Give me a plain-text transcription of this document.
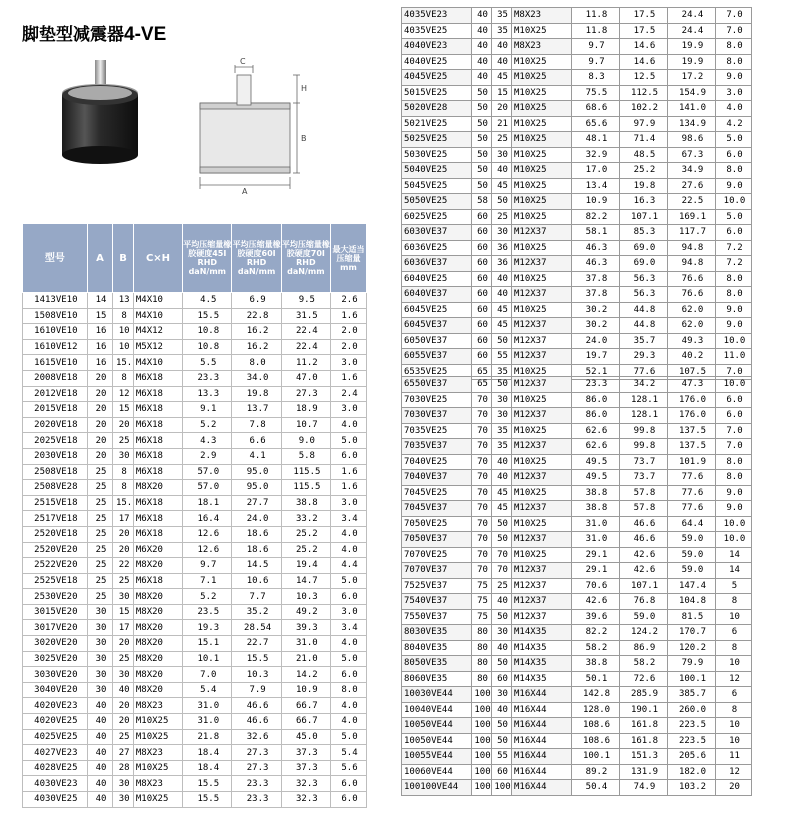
脚垫型减震器4-VE
C
H
B
A
型号	A	B	C×H	平均压缩量橡胶硬度45I RHD daN/mm	平均压缩量橡胶硬度60I RHD daN/mm	平均压缩量橡胶硬度70I RHD daN/mm	最大适当压缩量mm
1413VE10	14	13	M4X10	4.5	6.9	9.5	2.6
1508VE10	15	8	M4X10	15.5	22.8	31.5	1.6
1610VE10	16	10	M4X12	10.8	16.2	22.4	2.0
1610VE12	16	10	M5X12	10.8	16.2	22.4	2.0
1615VE10	16	15.	M4X10	5.5	8.0	11.2	3.0
2008VE18	20	8	M6X18	23.3	34.0	47.0	1.6
2012VE18	20	12	M6X18	13.3	19.8	27.3	2.4
2015VE18	20	15	M6X18	9.1	13.7	18.9	3.0
2020VE18	20	20	M6X18	5.2	7.8	10.7	4.0
2025VE18	20	25	M6X18	4.3	6.6	9.0	5.0
2030VE18	20	30	M6X18	2.9	4.1	5.8	6.0
2508VE18	25	8	M6X18	57.0	95.0	115.5	1.6
2508VE28	25	8	M8X20	57.0	95.0	115.5	1.6
2515VE18	25	15.	M6X18	18.1	27.7	38.8	3.0
2517VE18	25	17	M6X18	16.4	24.0	33.2	3.4
2520VE18	25	20	M6X18	12.6	18.6	25.2	4.0
2520VE20	25	20	M6X20	12.6	18.6	25.2	4.0
2522VE20	25	22	M8X20	9.7	14.5	19.4	4.4
2525VE18	25	25	M6X18	7.1	10.6	14.7	5.0
2530VE20	25	30	M8X20	5.2	7.7	10.3	6.0
3015VE20	30	15	M8X20	23.5	35.2	49.2	3.0
3017VE20	30	17	M8X20	19.3	28.54	39.3	3.4
3020VE20	30	20	M8X20	15.1	22.7	31.0	4.0
3025VE20	30	25	M8X20	10.1	15.5	21.0	5.0
3030VE20	30	30	M8X20	7.0	10.3	14.2	6.0
3040VE20	30	40	M8X20	5.4	7.9	10.9	8.0
4020VE23	40	20	M8X23	31.0	46.6	66.7	4.0
4020VE25	40	20	M10X25	31.0	46.6	66.7	4.0
4025VE25	40	25	M10X25	21.8	32.6	45.0	5.0
4027VE23	40	27	M8X23	18.4	27.3	37.3	5.4
4028VE25	40	28	M10X25	18.4	27.3	37.3	5.6
4030VE23	40	30	M8X23	15.5	23.3	32.3	6.0
4030VE25	40	30	M10X25	15.5	23.3	32.3	6.0
4035VE23	40	35	M8X23	11.8	17.5	24.4	7.0
4035VE25	40	35	M10X25	11.8	17.5	24.4	7.0
4040VE23	40	40	M8X23	9.7	14.6	19.9	8.0
4040VE25	40	40	M10X25	9.7	14.6	19.9	8.0
4045VE25	40	45	M10X25	8.3	12.5	17.2	9.0
5015VE25	50	15	M10X25	75.5	112.5	154.9	3.0
5020VE28	50	20	M10X25	68.6	102.2	141.0	4.0
5021VE25	50	21	M10X25	65.6	97.9	134.9	4.2
5025VE25	50	25	M10X25	48.1	71.4	98.6	5.0
5030VE25	50	30	M10X25	32.9	48.5	67.3	6.0
5040VE25	50	40	M10X25	17.0	25.2	34.9	8.0
5045VE25	50	45	M10X25	13.4	19.8	27.6	9.0
5050VE25	58	50	M10X25	10.9	16.3	22.5	10.0
6025VE25	60	25	M10X25	82.2	107.1	169.1	5.0
6030VE37	60	30	M12X37	58.1	85.3	117.7	6.0
6036VE25	60	36	M10X25	46.3	69.0	94.8	7.2
6036VE37	60	36	M12X37	46.3	69.0	94.8	7.2
6040VE25	60	40	M10X25	37.8	56.3	76.6	8.0
6040VE37	60	40	M12X37	37.8	56.3	76.6	8.0
6045VE25	60	45	M10X25	30.2	44.8	62.0	9.0
6045VE37	60	45	M12X37	30.2	44.8	62.0	9.0
6050VE37	60	50	M12X37	24.0	35.7	49.3	10.0
6055VE37	60	55	M12X37	19.7	29.3	40.2	11.0
6535VE25	65	35	M10X25	52.1	77.6	107.5	7.0
6550VE37	65	50	M12X37	23.3	34.2	47.3	10.0
7030VE25	70	30	M10X25	86.0	128.1	176.0	6.0
7030VE37	70	30	M12X37	86.0	128.1	176.0	6.0
7035VE25	70	35	M10X25	62.6	99.8	137.5	7.0
7035VE37	70	35	M12X37	62.6	99.8	137.5	7.0
7040VE25	70	40	M10X25	49.5	73.7	101.9	8.0
7040VE37	70	40	M12X37	49.5	73.7	77.6	8.0
7045VE25	70	45	M10X25	38.8	57.8	77.6	9.0
7045VE37	70	45	M12X37	38.8	57.8	77.6	9.0
7050VE25	70	50	M10X25	31.0	46.6	64.4	10.0
7050VE37	70	50	M12X37	31.0	46.6	59.0	10.0
7070VE25	70	70	M10X25	29.1	42.6	59.0	14
7070VE37	70	70	M12X37	29.1	42.6	59.0	14
7525VE37	75	25	M12X37	70.6	107.1	147.4	5
7540VE37	75	40	M12X37	42.6	76.8	104.8	8
7550VE37	75	50	M12X37	39.6	59.0	81.5	10
8030VE35	80	30	M14X35	82.2	124.2	170.7	6
8040VE35	80	40	M14X35	58.2	86.9	120.2	8
8050VE35	80	50	M14X35	38.8	58.2	79.9	10
8060VE35	80	60	M14X35	50.1	72.6	100.1	12
10030VE44	100	30	M16X44	142.8	285.9	385.7	6
10040VE44	100	40	M16X44	128.0	190.1	260.0	8
10050VE44	100	50	M16X44	108.6	161.8	223.5	10
10050VE44	100	50	M16X44	108.6	161.8	223.5	10
10055VE44	100	55	M16X44	100.1	151.3	205.6	11
10060VE44	100	60	M16X44	89.2	131.9	182.0	12
100100VE44	100	100	M16X44	50.4	74.9	103.2	20
